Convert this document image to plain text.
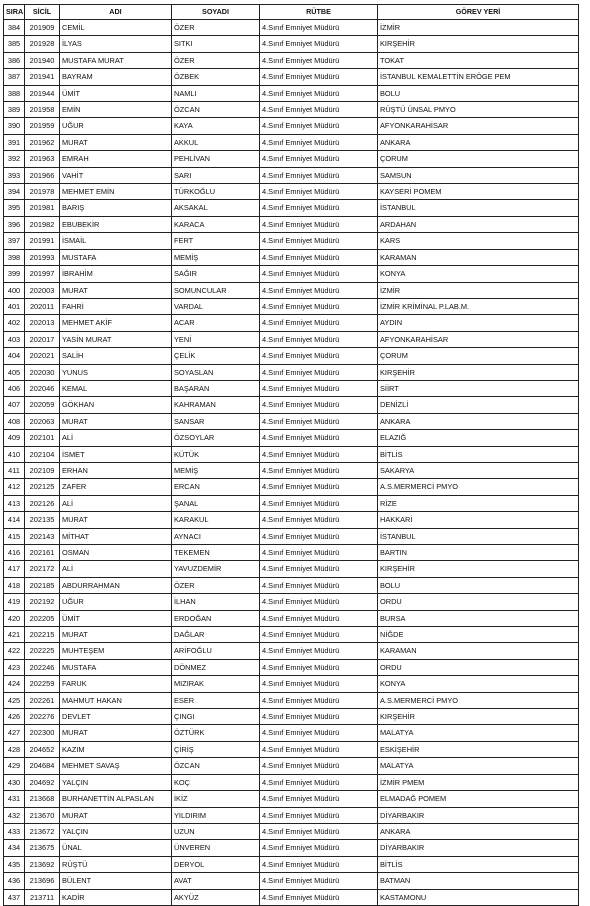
SIRA	SİCİL	ADI	SOYADI	RÜTBE	GÖREV YERİ
384	201909	CEMİL	ÖZER	4.Sınıf Emniyet Müdürü	İZMİR
385	201928	İLYAS	SITKI	4.Sınıf Emniyet Müdürü	KIRŞEHİR
386	201940	MUSTAFA MURAT	ÖZER	4.Sınıf Emniyet Müdürü	TOKAT
387	201941	BAYRAM	ÖZBEK	4.Sınıf Emniyet Müdürü	İSTANBUL KEMALETTİN ERÖGE PEM
388	201944	ÜMİT	NAMLI	4.Sınıf Emniyet Müdürü	BOLU
389	201958	EMİN	ÖZCAN	4.Sınıf Emniyet Müdürü	RÜŞTÜ ÜNSAL PMYO
390	201959	UĞUR	KAYA	4.Sınıf Emniyet Müdürü	AFYONKARAHİSAR
391	201962	MURAT	AKKUL	4.Sınıf Emniyet Müdürü	ANKARA
392	201963	EMRAH	PEHLİVAN	4.Sınıf Emniyet Müdürü	ÇORUM
393	201966	VAHİT	SARI	4.Sınıf Emniyet Müdürü	SAMSUN
394	201978	MEHMET EMİN	TÜRKOĞLU	4.Sınıf Emniyet Müdürü	KAYSERİ POMEM
395	201981	BARIŞ	AKSAKAL	4.Sınıf Emniyet Müdürü	İSTANBUL
396	201982	EBUBEKİR	KARACA	4.Sınıf Emniyet Müdürü	ARDAHAN
397	201991	İSMAİL	FERT	4.Sınıf Emniyet Müdürü	KARS
398	201993	MUSTAFA	MEMİŞ	4.Sınıf Emniyet Müdürü	KARAMAN
399	201997	İBRAHİM	SAĞIR	4.Sınıf Emniyet Müdürü	KONYA
400	202003	MURAT	SOMUNCULAR	4.Sınıf Emniyet Müdürü	İZMİR
401	202011	FAHRİ	VARDAL	4.Sınıf Emniyet Müdürü	İZMİR KRİMİNAL P.LAB.M.
402	202013	MEHMET AKİF	ACAR	4.Sınıf Emniyet Müdürü	AYDIN
403	202017	YASİN MURAT	YENİ	4.Sınıf Emniyet Müdürü	AFYONKARAHİSAR
404	202021	SALİH	ÇELİK	4.Sınıf Emniyet Müdürü	ÇORUM
405	202030	YUNUS	SOYASLAN	4.Sınıf Emniyet Müdürü	KIRŞEHİR
406	202046	KEMAL	BAŞARAN	4.Sınıf Emniyet Müdürü	SİİRT
407	202059	GÖKHAN	KAHRAMAN	4.Sınıf Emniyet Müdürü	DENİZLİ
408	202063	MURAT	SANSAR	4.Sınıf Emniyet Müdürü	ANKARA
409	202101	ALİ	ÖZSOYLAR	4.Sınıf Emniyet Müdürü	ELAZIĞ
410	202104	İSMET	KÜTÜK	4.Sınıf Emniyet Müdürü	BİTLİS
411	202109	ERHAN	MEMİŞ	4.Sınıf Emniyet Müdürü	SAKARYA
412	202125	ZAFER	ERCAN	4.Sınıf Emniyet Müdürü	A.S.MERMERCİ PMYO
413	202126	ALİ	ŞANAL	4.Sınıf Emniyet Müdürü	RİZE
414	202135	MURAT	KARAKUL	4.Sınıf Emniyet Müdürü	HAKKARİ
415	202143	MİTHAT	AYNACI	4.Sınıf Emniyet Müdürü	İSTANBUL
416	202161	OSMAN	TEKEMEN	4.Sınıf Emniyet Müdürü	BARTIN
417	202172	ALİ	YAVUZDEMİR	4.Sınıf Emniyet Müdürü	KIRŞEHİR
418	202185	ABDURRAHMAN	ÖZER	4.Sınıf Emniyet Müdürü	BOLU
419	202192	UĞUR	İLHAN	4.Sınıf Emniyet Müdürü	ORDU
420	202205	ÜMİT	ERDOĞAN	4.Sınıf Emniyet Müdürü	BURSA
421	202215	MURAT	DAĞLAR	4.Sınıf Emniyet Müdürü	NİĞDE
422	202225	MUHTEŞEM	ARİFOĞLU	4.Sınıf Emniyet Müdürü	KARAMAN
423	202246	MUSTAFA	DÖNMEZ	4.Sınıf Emniyet Müdürü	ORDU
424	202259	FARUK	MIZIRAK	4.Sınıf Emniyet Müdürü	KONYA
425	202261	MAHMUT HAKAN	ESER	4.Sınıf Emniyet Müdürü	A.S.MERMERCİ PMYO
426	202276	DEVLET	ÇINGI	4.Sınıf Emniyet Müdürü	KIRŞEHİR
427	202300	MURAT	ÖZTÜRK	4.Sınıf Emniyet Müdürü	MALATYA
428	204652	KAZIM	ÇİRİŞ	4.Sınıf Emniyet Müdürü	ESKİŞEHİR
429	204684	MEHMET SAVAŞ	ÖZCAN	4.Sınıf Emniyet Müdürü	MALATYA
430	204692	YALÇIN	KOÇ	4.Sınıf Emniyet Müdürü	İZMİR PMEM
431	213668	BURHANETTİN ALPASLAN	İKİZ	4.Sınıf Emniyet Müdürü	ELMADAĞ POMEM
432	213670	MURAT	YILDIRIM	4.Sınıf Emniyet Müdürü	DİYARBAKIR
433	213672	YALÇIN	UZUN	4.Sınıf Emniyet Müdürü	ANKARA
434	213675	ÜNAL	ÜNVEREN	4.Sınıf Emniyet Müdürü	DİYARBAKIR
435	213692	RÜŞTÜ	DERYOL	4.Sınıf Emniyet Müdürü	BİTLİS
436	213696	BÜLENT	AVAT	4.Sınıf Emniyet Müdürü	BATMAN
437	213711	KADİR	AKYÜZ	4.Sınıf Emniyet Müdürü	KASTAMONU
